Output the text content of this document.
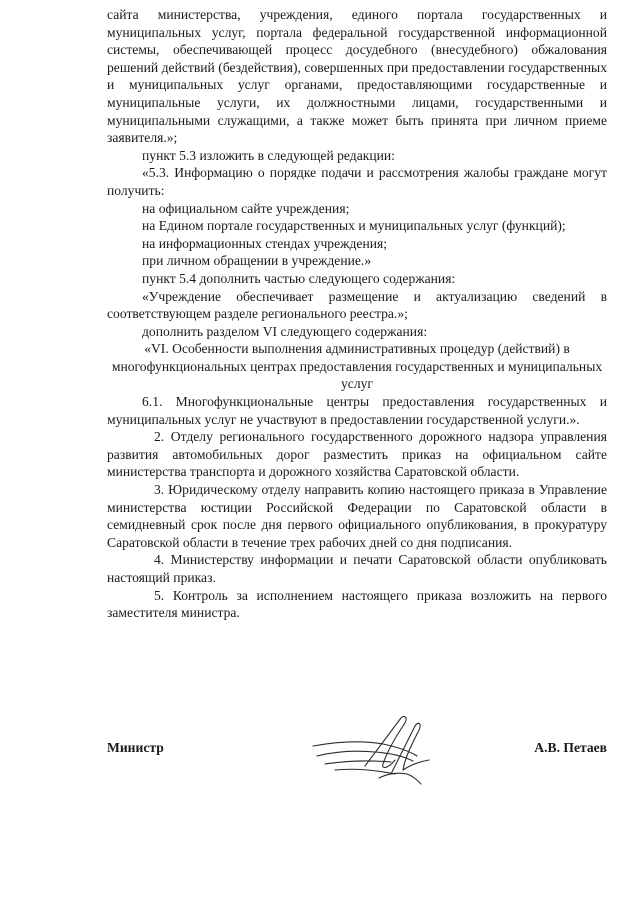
сайта министерства, учреждения, единого портала государственных и муниципальных услуг, портала федеральной государственной информационной системы, обеспечивающей процесс досудебного (внесудебного) обжалования решений действий (бездействия), совершенных при предоставлении государственных и муниципальных услуг органами, предоставляющими государственные и муниципальные услуги, их должностными лицами, государственными и муниципальными служащими, а также может быть принята при личном приеме заявителя.»;

пункт 5.3 изложить в следующей редакции:

«5.3. Информацию о порядке подачи и рассмотрения жалобы граждане могут получить:

на официальном сайте учреждения;

на Едином портале государственных и муниципальных услуг (функций);

на информационных стендах учреждения;

при личном обращении в учреждение.»

пункт 5.4 дополнить частью следующего содержания:

«Учреждение обеспечивает размещение и актуализацию сведений в соответствующем разделе регионального реестра.»;

дополнить разделом VI следующего содержания:

«VI. Особенности выполнения административных процедур (действий) в многофункциональных центрах предоставления государственных и муниципальных услуг

6.1. Многофункциональные центры предоставления государственных и муниципальных услуг не участвуют в предоставлении государственной услуги.».

2. Отделу регионального государственного дорожного надзора управления развития автомобильных дорог разместить приказ на официальном сайте министерства транспорта и дорожного хозяйства Саратовской области.

3. Юридическому отделу направить копию настоящего приказа в Управление министерства юстиции Российской Федерации по Саратовской области в семидневный срок после дня первого официального опубликования, в прокуратуру Саратовской области в течение трех рабочих дней со дня подписания.

4. Министерству информации и печати Саратовской области опубликовать настоящий приказ.

5. Контроль за исполнением настоящего приказа возложить на первого заместителя министра.

Министр	А.В. Петаев
